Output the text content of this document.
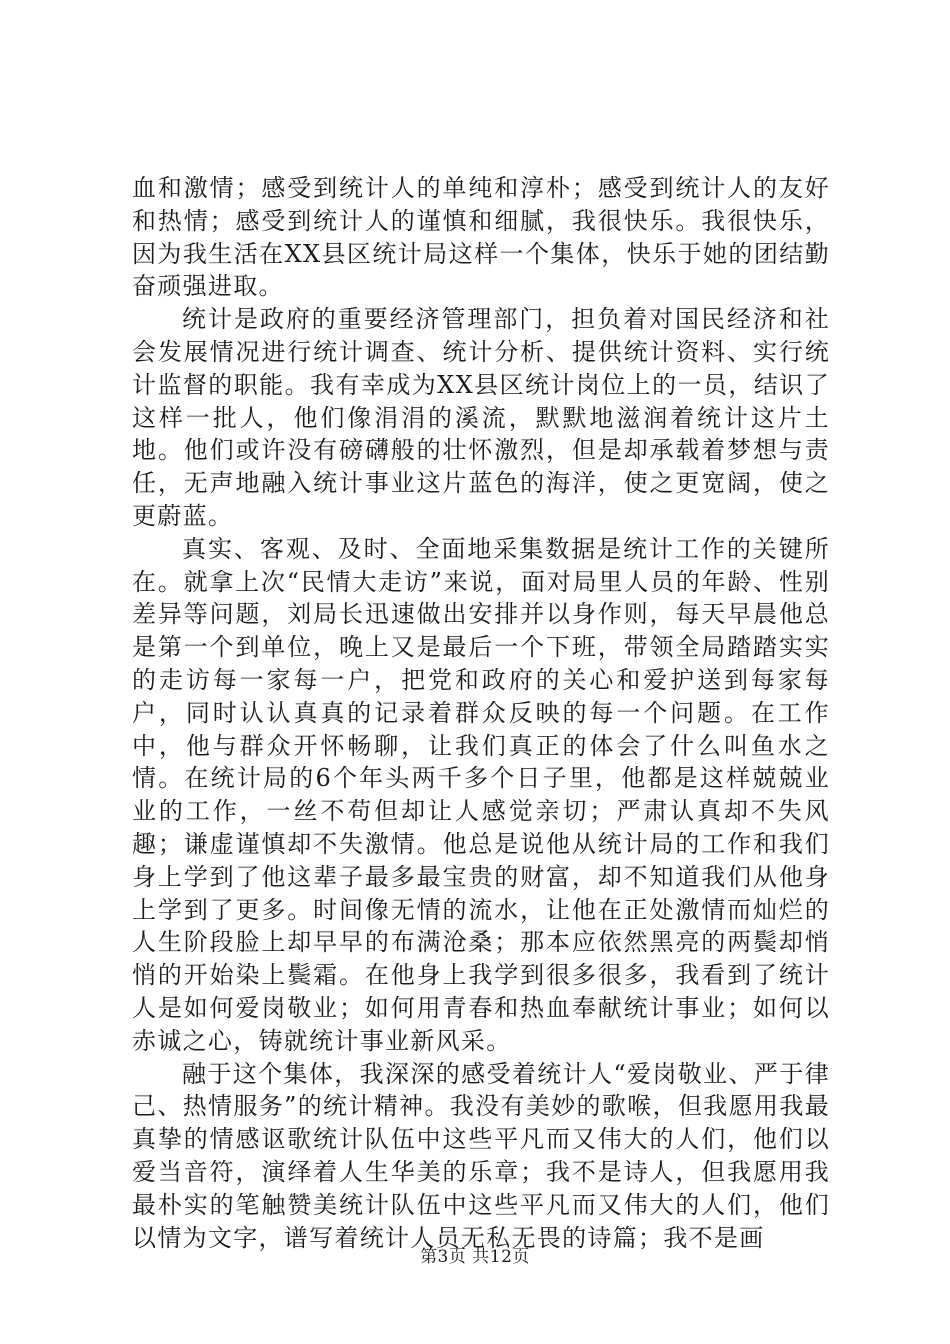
血和激情；感受到统计人的单纯和淳朴；感受到统计人的友好和热情；感受到统计人的谨慎和细腻，我很快乐。我很快乐，因为我生活在XX县区统计局这样一个集体，快乐于她的团结勤奋顽强进取。

统计是政府的重要经济管理部门，担负着对国民经济和社会发展情况进行统计调查、统计分析、提供统计资料、实行统计监督的职能。我有幸成为XX县区统计岗位上的一员，结识了这样一批人，他们像涓涓的溪流，默默地滋润着统计这片土地。他们或许没有磅礴般的壮怀激烈，但是却承载着梦想与责任，无声地融入统计事业这片蓝色的海洋，使之更宽阔，使之更蔚蓝。

真实、客观、及时、全面地采集数据是统计工作的关键所在。就拿上次“民情大走访”来说，面对局里人员的年龄、性别差异等问题，刘局长迅速做出安排并以身作则，每天早晨他总是第一个到单位，晚上又是最后一个下班，带领全局踏踏实实的走访每一家每一户，把党和政府的关心和爱护送到每家每户，同时认认真真的记录着群众反映的每一个问题。在工作中，他与群众开怀畅聊，让我们真正的体会了什么叫鱼水之情。在统计局的6个年头两千多个日子里，他都是这样兢兢业业的工作，一丝不苟但却让人感觉亲切；严肃认真却不失风趣；谦虚谨慎却不失激情。他总是说他从统计局的工作和我们身上学到了他这辈子最多最宝贵的财富，却不知道我们从他身上学到了更多。时间像无情的流水，让他在正处激情而灿烂的人生阶段脸上却早早的布满沧桑；那本应依然黑亮的两鬓却悄悄的开始染上鬓霜。在他身上我学到很多很多，我看到了统计人是如何爱岗敬业；如何用青春和热血奉献统计事业；如何以赤诚之心，铸就统计事业新风采。

融于这个集体，我深深的感受着统计人“爱岗敬业、严于律己、热情服务”的统计精神。我没有美妙的歌喉，但我愿用我最真挚的情感讴歌统计队伍中这些平凡而又伟大的人们，他们以爱当音符，演绎着人生华美的乐章；我不是诗人，但我愿用我最朴实的笔触赞美统计队伍中这些平凡而又伟大的人们，他们以情为文字，谱写着统计人员无私无畏的诗篇；我不是画

第3页 共12页
